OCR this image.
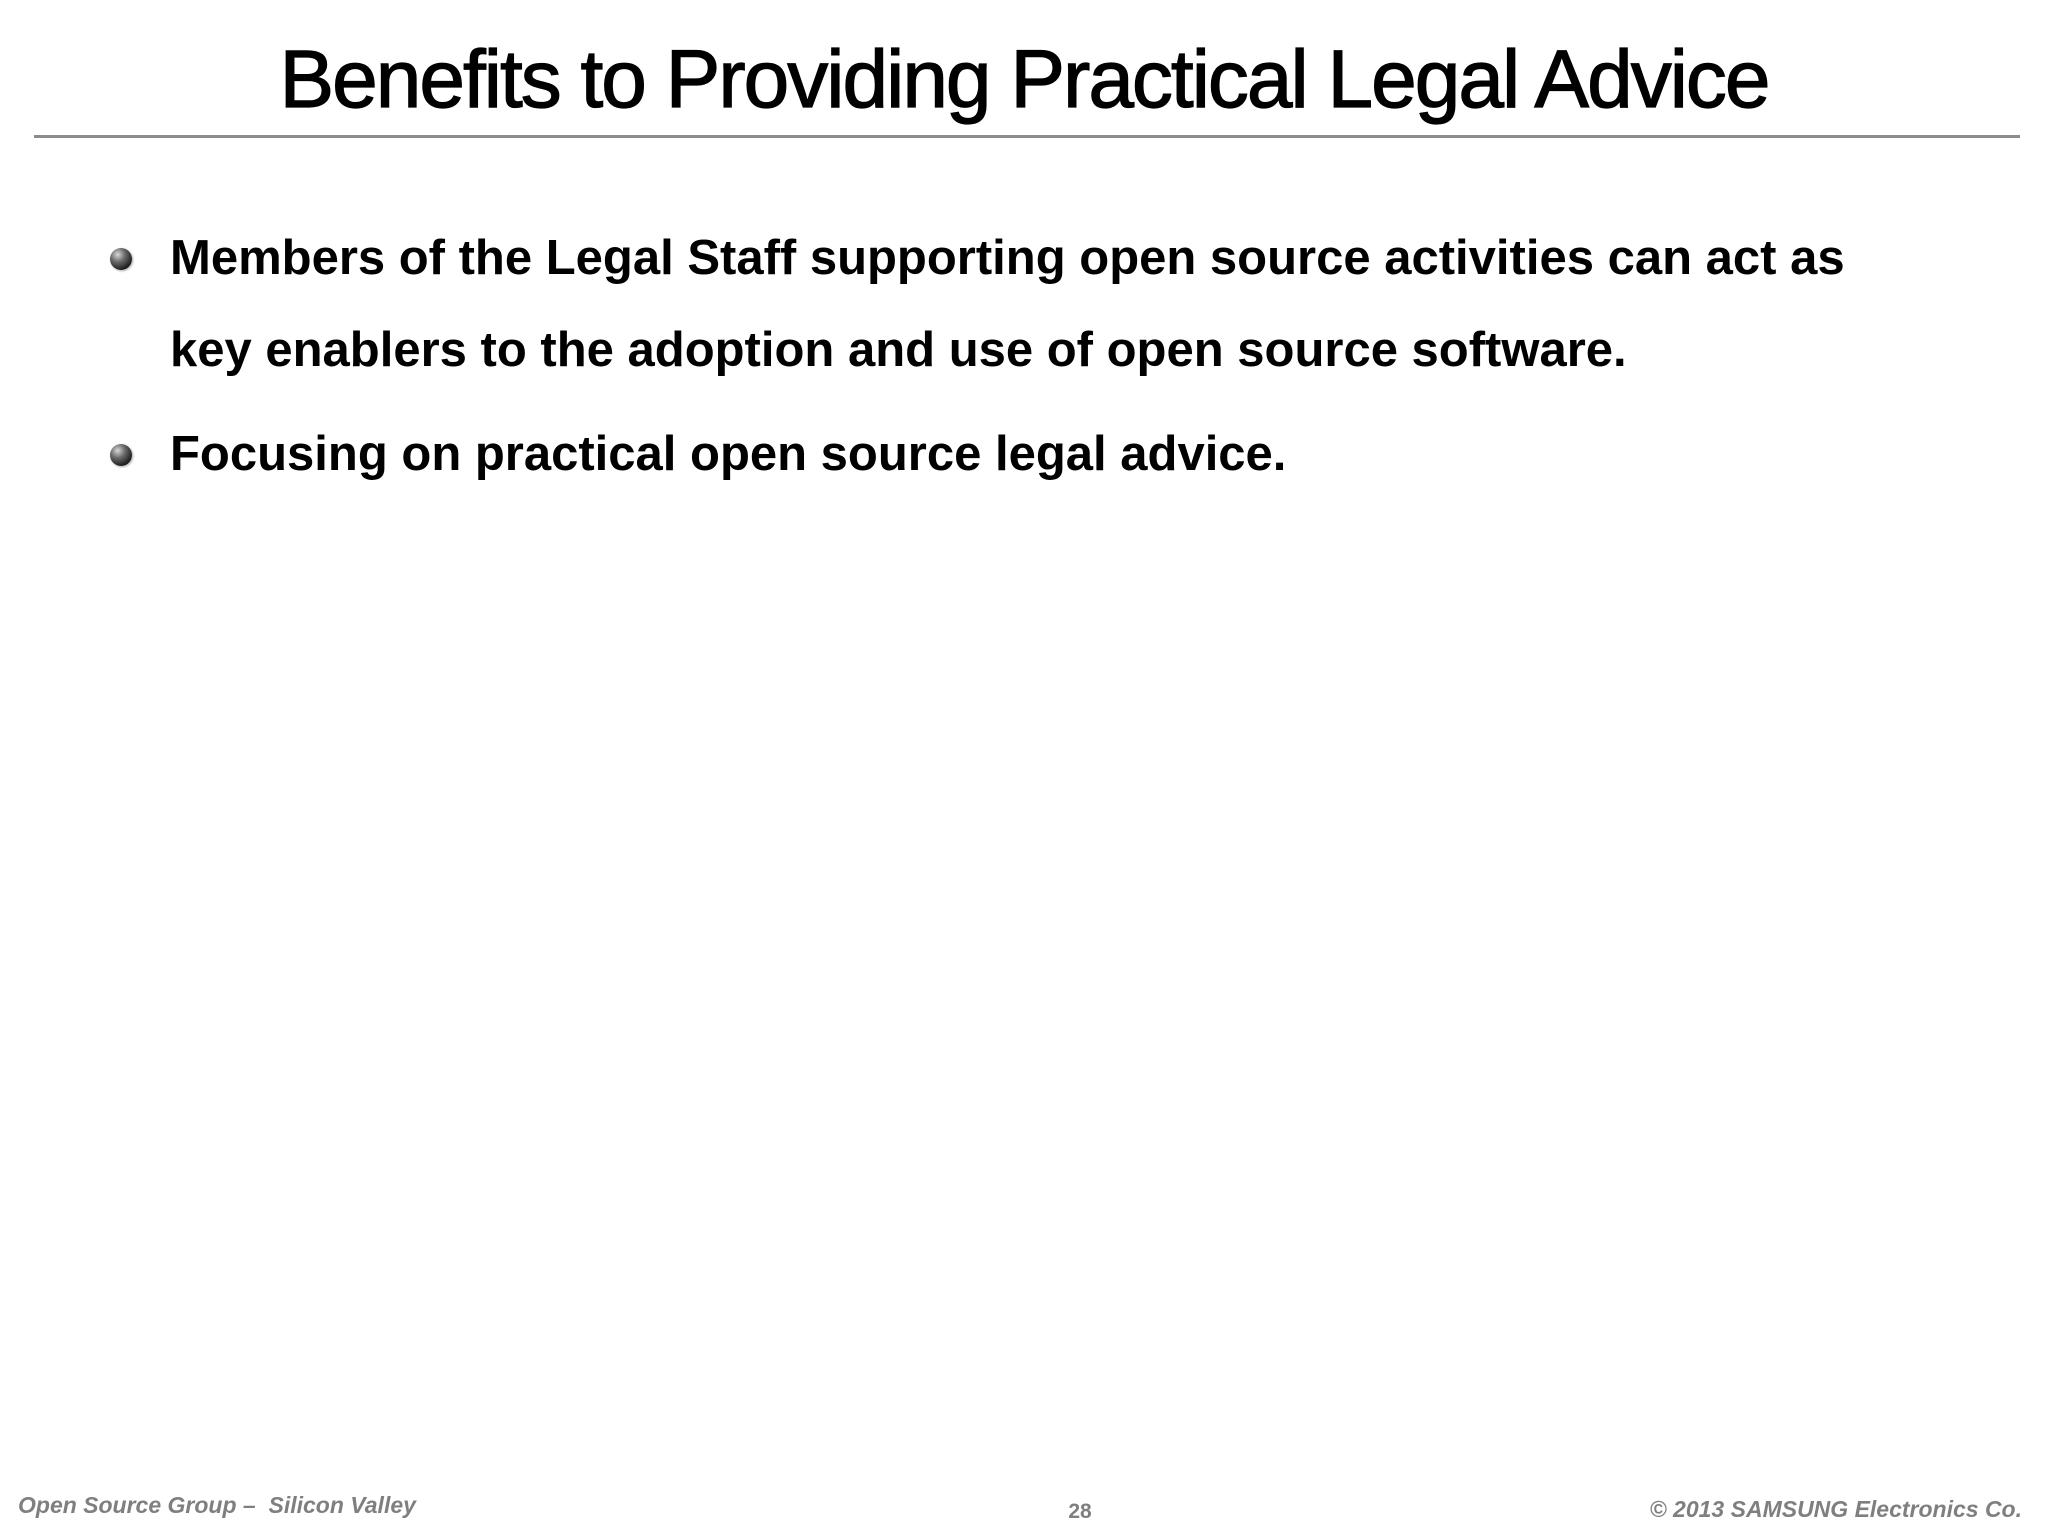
Benefits to Providing Practical Legal Advice
Members of the Legal Staff supporting open source activities can act as key enablers to the adoption and use of open source software.
Focusing on practical open source legal advice.
Open Source Group –  Silicon Valley	28	© 2013 SAMSUNG Electronics Co.
